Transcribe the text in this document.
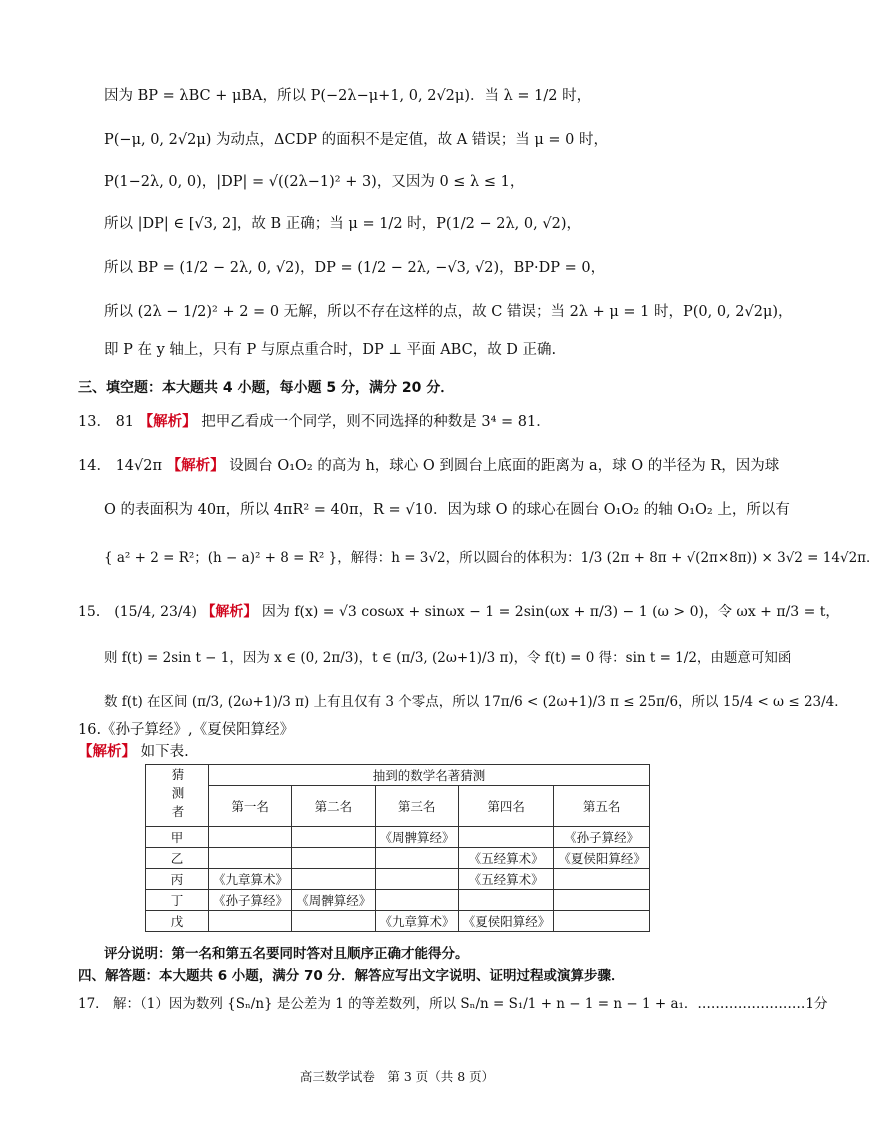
因为 BP = λBC + μBA，所以 P(−2λ−μ+1, 0, 2√2μ)．当 λ = 1/2 时，
P(−μ, 0, 2√2μ) 为动点，ΔCDP 的面积不是定值，故 A 错误；当 μ = 0 时，
P(1−2λ, 0, 0)，|DP| = √((2λ−1)² + 3)，又因为 0 ≤ λ ≤ 1，
所以 |DP| ∈ [√3, 2]，故 B 正确；当 μ = 1/2 时，P(1/2 − 2λ, 0, √2)，
所以 BP = (1/2 − 2λ, 0, √2)，DP = (1/2 − 2λ, −√3, √2)，BP·DP = 0，
所以 (2λ − 1/2)² + 2 = 0 无解，所以不存在这样的点，故 C 错误；当 2λ + μ = 1 时，P(0, 0, 2√2μ)，
即 P 在 y 轴上，只有 P 与原点重合时，DP ⊥ 平面 ABC，故 D 正确.
三、填空题：本大题共 4 小题，每小题 5 分，满分 20 分．
13． 81 【解析】 把甲乙看成一个同学，则不同选择的种数是 3⁴ = 81．
14． 14√2π 【解析】 设圆台 O₁O₂ 的高为 h，球心 O 到圆台上底面的距离为 a，球 O 的半径为 R，因为球
O 的表面积为 40π，所以 4πR² = 40π，R = √10．因为球 O 的球心在圆台 O₁O₂ 的轴 O₁O₂ 上，所以有
{ a² + 2 = R²；(h − a)² + 8 = R² }，解得：h = 3√2，所以圆台的体积为：1/3 (2π + 8π + √(2π×8π)) × 3√2 = 14√2π．
15． (15/4, 23/4) 【解析】 因为 f(x) = √3 cosωx + sinωx − 1 = 2sin(ωx + π/3) − 1 (ω > 0)，令 ωx + π/3 = t，
则 f(t) = 2sin t − 1，因为 x ∈ (0, 2π/3)，t ∈ (π/3, (2ω+1)/3 π)，令 f(t) = 0 得：sin t = 1/2，由题意可知函
数 f(t) 在区间 (π/3, (2ω+1)/3 π) 上有且仅有 3 个零点，所以 17π/6 < (2ω+1)/3 π ≤ 25π/6，所以 15/4 < ω ≤ 23/4．
16.《孙子算经》,《夏侯阳算经》
【解析】 如下表.
猜测者	抽到的数学名著猜测				
	第一名	第二名	第三名	第四名	第五名
甲			《周髀算经》		《孙子算经》
乙				《五经算术》	《夏侯阳算经》
丙	《九章算术》			《五经算术》	
丁	《孙子算经》	《周髀算经》			
戊			《九章算术》	《夏侯阳算经》	
评分说明：第一名和第五名要同时答对且顺序正确才能得分。
四、解答题：本大题共 6 小题，满分 70 分．解答应写出文字说明、证明过程或演算步骤．
17． 解：（1）因为数列 {Sₙ/n} 是公差为 1 的等差数列，所以 Sₙ/n = S₁/1 + n − 1 = n − 1 + a₁．……………………1分
高三数学试卷　第 3 页（共 8 页）
